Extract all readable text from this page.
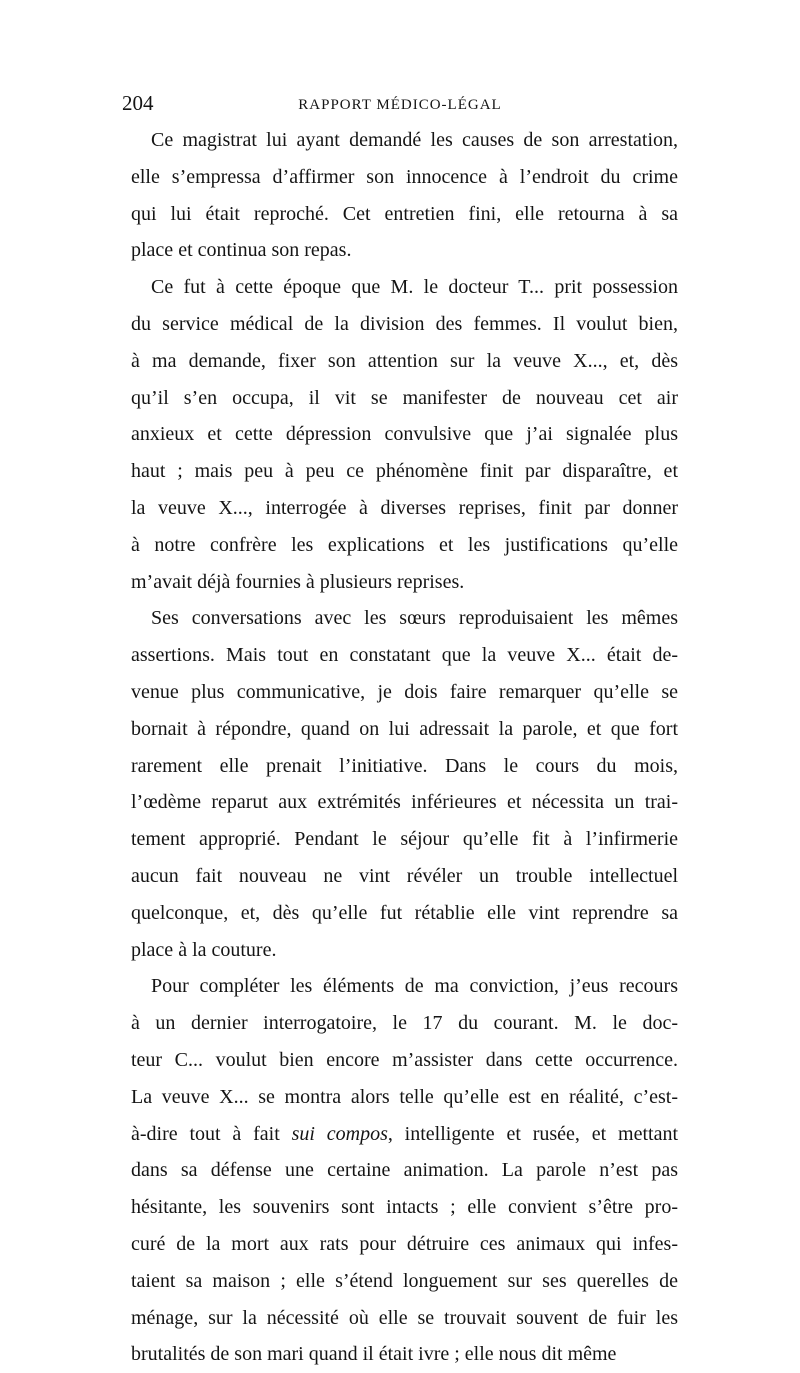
204	RAPPORT MÉDICO-LÉGAL
Ce magistrat lui ayant demandé les causes de son arrestation,
elle s’empressa d’affirmer son innocence à l’endroit du crime
qui lui était reproché. Cet entretien fini, elle retourna à sa
place et continua son repas.
Ce fut à cette époque que M. le docteur T... prit possession
du service médical de la division des femmes. Il voulut bien,
à ma demande, fixer son attention sur la veuve X..., et, dès
qu’il s’en occupa, il vit se manifester de nouveau cet air
anxieux et cette dépression convulsive que j’ai signalée plus
haut ; mais peu à peu ce phénomène finit par disparaître, et
la veuve X..., interrogée à diverses reprises, finit par donner
à notre confrère les explications et les justifications qu’elle
m’avait déjà fournies à plusieurs reprises.
Ses conversations avec les sœurs reproduisaient les mêmes
assertions. Mais tout en constatant que la veuve X... était de-
venue plus communicative, je dois faire remarquer qu’elle se
bornait à répondre, quand on lui adressait la parole, et que fort
rarement elle prenait l’initiative. Dans le cours du mois,
l’œdème reparut aux extrémités inférieures et nécessita un trai-
tement approprié. Pendant le séjour qu’elle fit à l’infirmerie
aucun fait nouveau ne vint révéler un trouble intellectuel
quelconque, et, dès qu’elle fut rétablie elle vint reprendre sa
place à la couture.
Pour compléter les éléments de ma conviction, j’eus recours
à un dernier interrogatoire, le 17 du courant. M. le doc-
teur C... voulut bien encore m’assister dans cette occurrence.
La veuve X... se montra alors telle qu’elle est en réalité, c’est-
à-dire tout à fait sui compos, intelligente et rusée, et mettant
dans sa défense une certaine animation. La parole n’est pas
hésitante, les souvenirs sont intacts ; elle convient s’être pro-
curé de la mort aux rats pour détruire ces animaux qui infes-
taient sa maison ; elle s’étend longuement sur ses querelles de
ménage, sur la nécessité où elle se trouvait souvent de fuir les
brutalités de son mari quand il était ivre ; elle nous dit même
